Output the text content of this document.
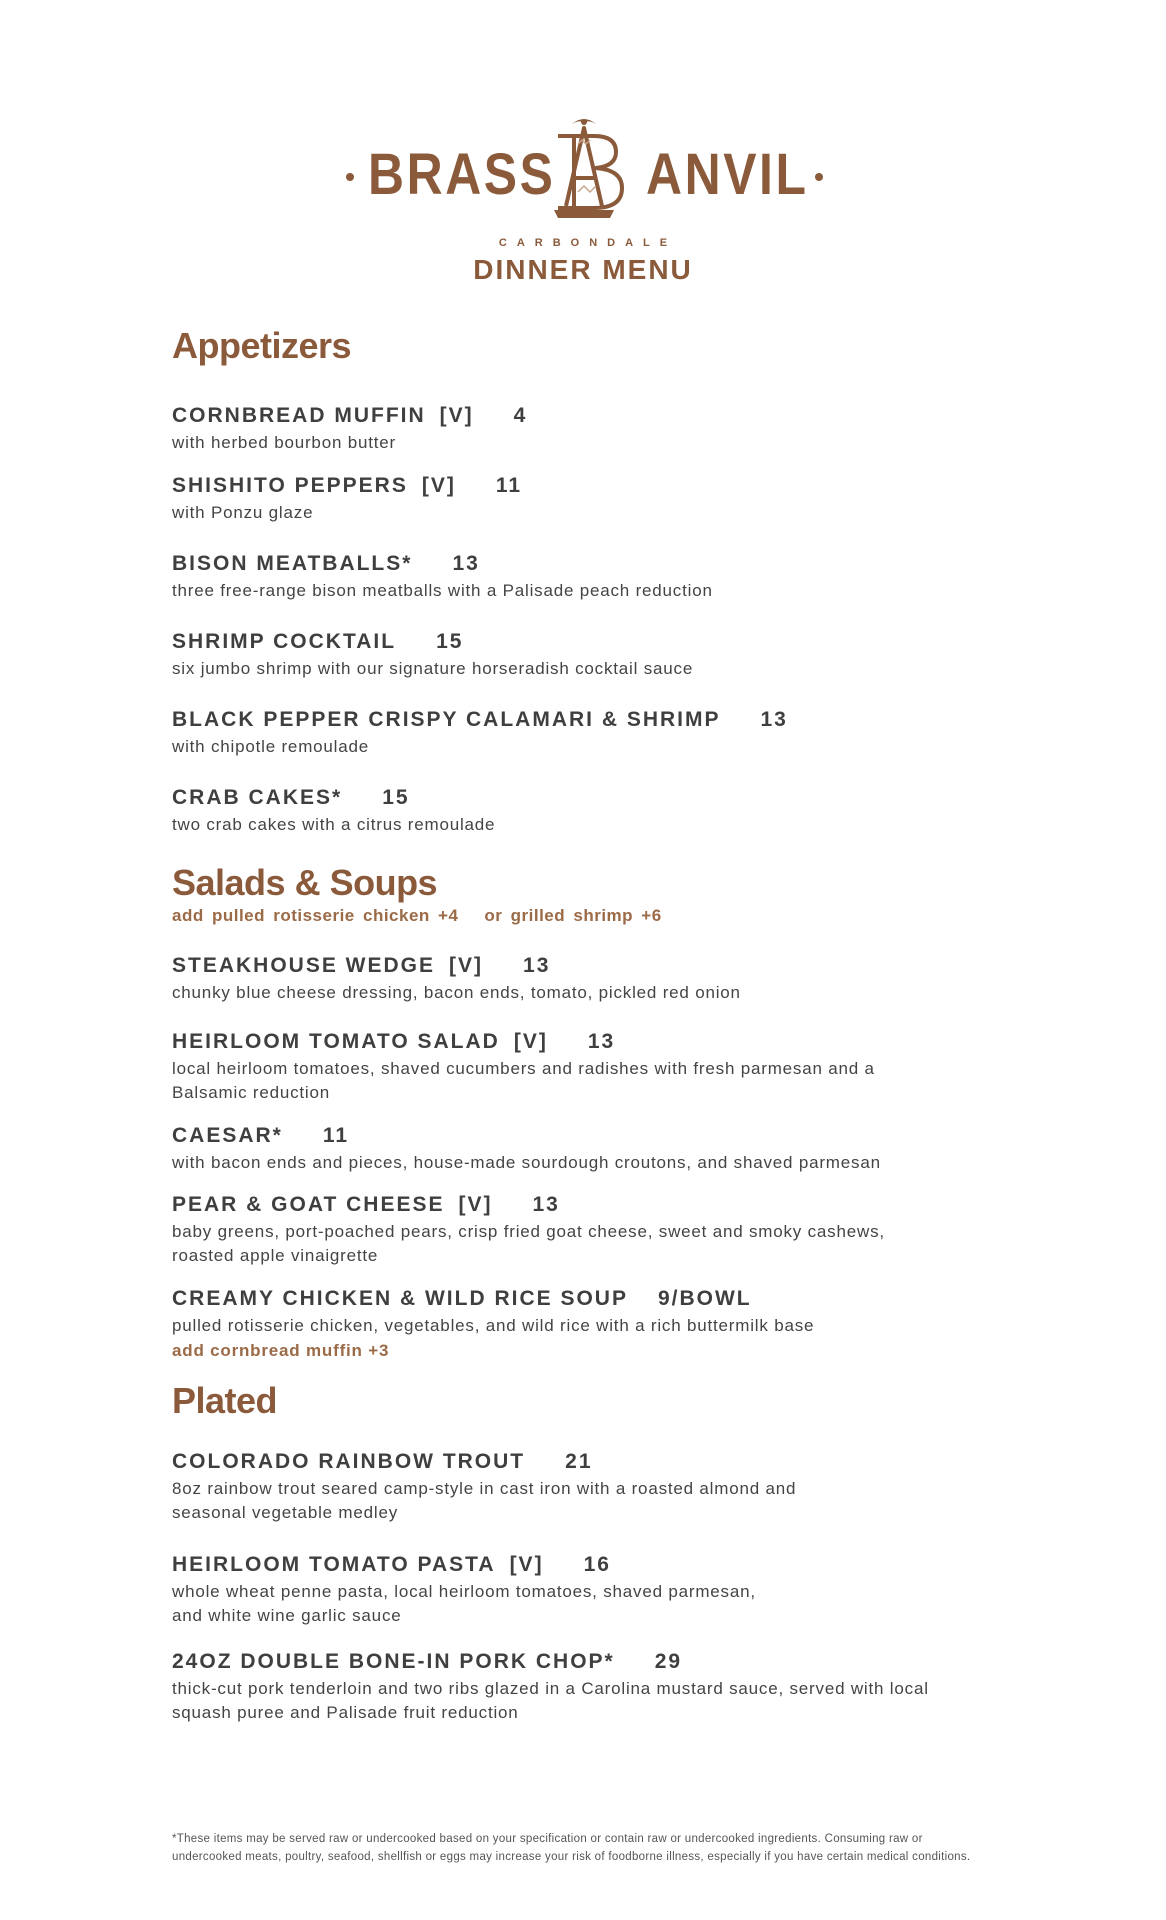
BRASS ANVIL
CARBONDALE
DINNER MENU
Appetizers
CORNBREAD MUFFIN [V] 4
with herbed bourbon butter
SHISHITO PEPPERS [V] 11
with Ponzu glaze
BISON MEATBALLS* 13
three free-range bison meatballs with a Palisade peach reduction
SHRIMP COCKTAIL 15
six jumbo shrimp with our signature horseradish cocktail sauce
BLACK PEPPER CRISPY CALAMARI & SHRIMP 13
with chipotle remoulade
CRAB CAKES* 15
two crab cakes with a citrus remoulade
Salads & Soups
add pulled rotisserie chicken +4 or grilled shrimp +6
STEAKHOUSE WEDGE [V] 13
chunky blue cheese dressing, bacon ends, tomato, pickled red onion
HEIRLOOM TOMATO SALAD [V] 13
local heirloom tomatoes, shaved cucumbers and radishes with fresh parmesan and a
Balsamic reduction
CAESAR* 11
with bacon ends and pieces, house-made sourdough croutons, and shaved parmesan
PEAR & GOAT CHEESE [V] 13
baby greens, port-poached pears, crisp fried goat cheese, sweet and smoky cashews,
roasted apple vinaigrette
CREAMY CHICKEN & WILD RICE SOUP 9/BOWL
pulled rotisserie chicken, vegetables, and wild rice with a rich buttermilk base
add cornbread muffin +3
Plated
COLORADO RAINBOW TROUT 21
8oz rainbow trout seared camp-style in cast iron with a roasted almond and
seasonal vegetable medley
HEIRLOOM TOMATO PASTA [V] 16
whole wheat penne pasta, local heirloom tomatoes, shaved parmesan,
and white wine garlic sauce
24OZ DOUBLE BONE-IN PORK CHOP* 29
thick-cut pork tenderloin and two ribs glazed in a Carolina mustard sauce, served with local
squash puree and Palisade fruit reduction
*These items may be served raw or undercooked based on your specification or contain raw or undercooked ingredients. Consuming raw or
undercooked meats, poultry, seafood, shellfish or eggs may increase your risk of foodborne illness, especially if you have certain medical conditions.
